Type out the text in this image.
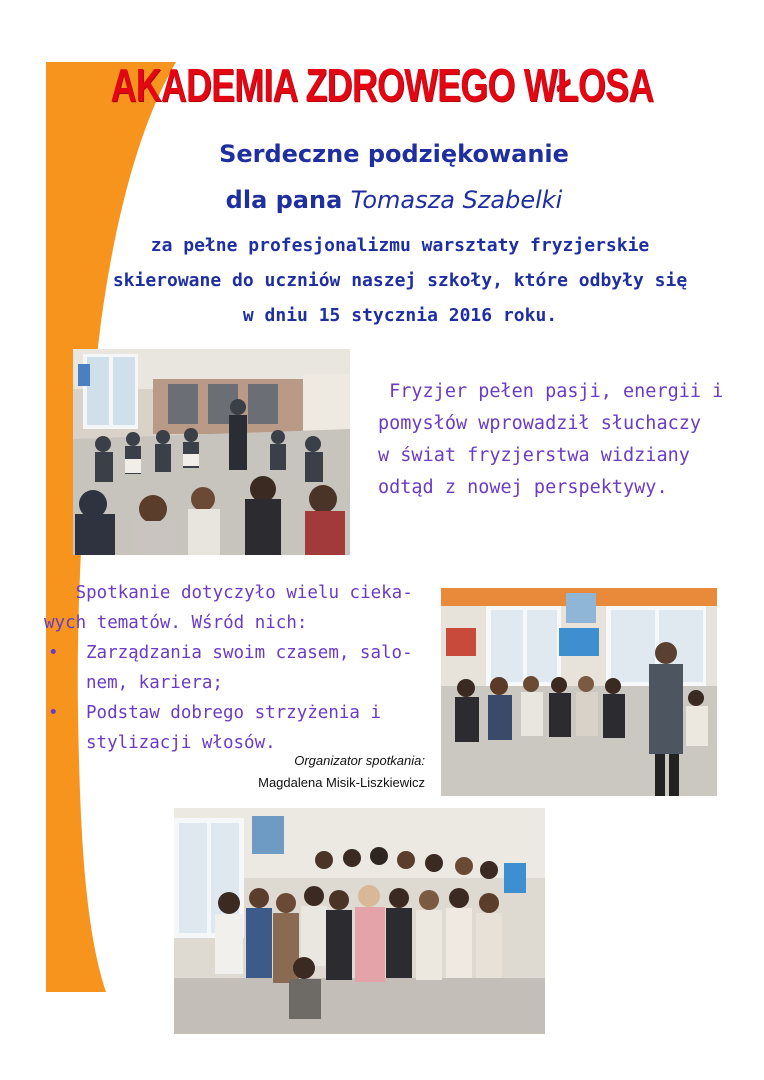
AKADEMIA ZDROWEGO WŁOSA
Serdeczne podziękowanie
dla pana Tomasza Szabelki
za pełne profesjonalizmu warsztaty fryzjerskie
skierowane do uczniów naszej szkoły, które odbyły się
w dniu 15 stycznia 2016 roku.
Fryzjer pełen pasji, energii i
pomysłów wprowadził słuchaczy
w świat fryzjerstwa widziany
odtąd z nowej perspektywy.
Spotkanie dotyczyło wielu cieka-
wych tematów. Wśród nich:
• Zarządzania swoim czasem, salo-
nem, kariera;
• Podstaw dobrego strzyżenia i
stylizacji włosów.
Organizator spotkania:
Magdalena Misik-Liszkiewicz
